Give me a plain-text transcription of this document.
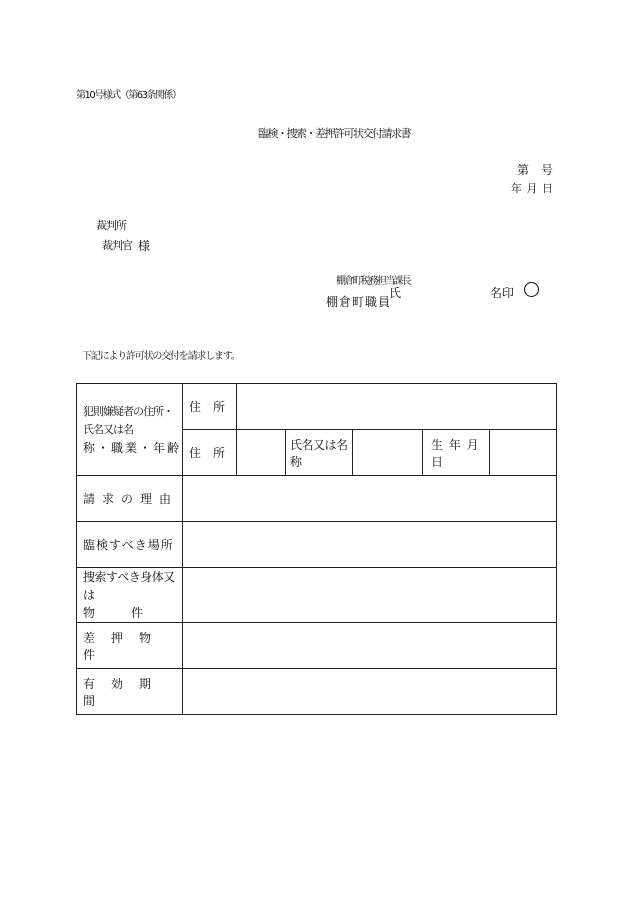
第10号様式（第63条関係）
臨検・捜索・差押許可状交付請求書
第　号
年 月 日
裁判所
裁判官 様
棚倉町税務担当課長
棚倉町職員
氏	名印
下記により許可状の交付を請求します。
犯則嫌疑者の住所・氏名又は名
称・職業・年齢	住　所					
	住　所		氏名又は名称		生 年 月 日	
請求の理由						
臨検すべき場所						

捜索すべき身体又は
物　　　件						

差押物件						
有効期間						
